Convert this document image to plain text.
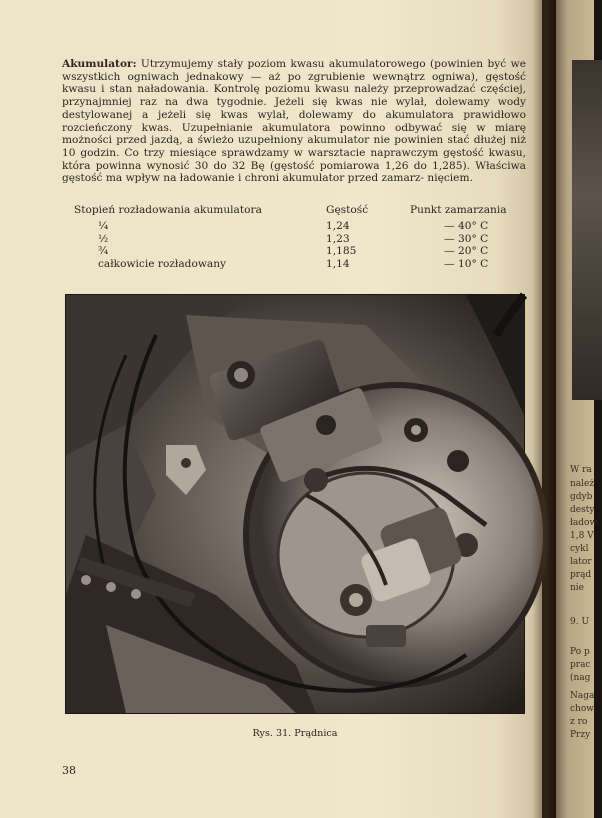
Akumulator: Utrzymujemy stały poziom kwasu akumulatorowego (powinien być we wszystkich ogniwach jednakowy — aż po zgrubienie wewnątrz ogniwa), gęstość kwasu i stan naładowania. Kontrolę poziomu kwasu należy przeprowadzać częściej, przynajmniej raz na dwa tygodnie. Jeżeli się kwas nie wylał, dolewamy wody destylowanej a jeżeli się kwas wylał, dolewamy do akumulatora prawidłowo rozcieńczony kwas. Uzupełnianie akumulatora powinno odbywać się w miarę możności przed jazdą, a świeżo uzupełniony akumulator nie powinien stać dłużej niż 10 godzin. Co trzy miesiące sprawdzamy w warsztacie naprawczym gęstość kwasu, która powinna wynosić 30 do 32 Bę (gęstość pomiarowa 1,26 do 1,285). Właściwa gęstość ma wpływ na ładowanie i chroni akumulator przed zamarz- nięciem.
Stopień rozładowania akumulatora	Gęstość	Punkt zamarzania
¼	1,24	— 40° C
½	1,23	— 30° C
¾	1,185	— 20° C
całkowicie rozładowany	1,14	— 10° C
Rys. 31. Prądnica
38
W ra
należ
gdyb
desty
ładow
1,8 V
cykl
lator
prąd
nie
9. U
Po p
prac
(nag
Naga
chow
z ro
Przy
